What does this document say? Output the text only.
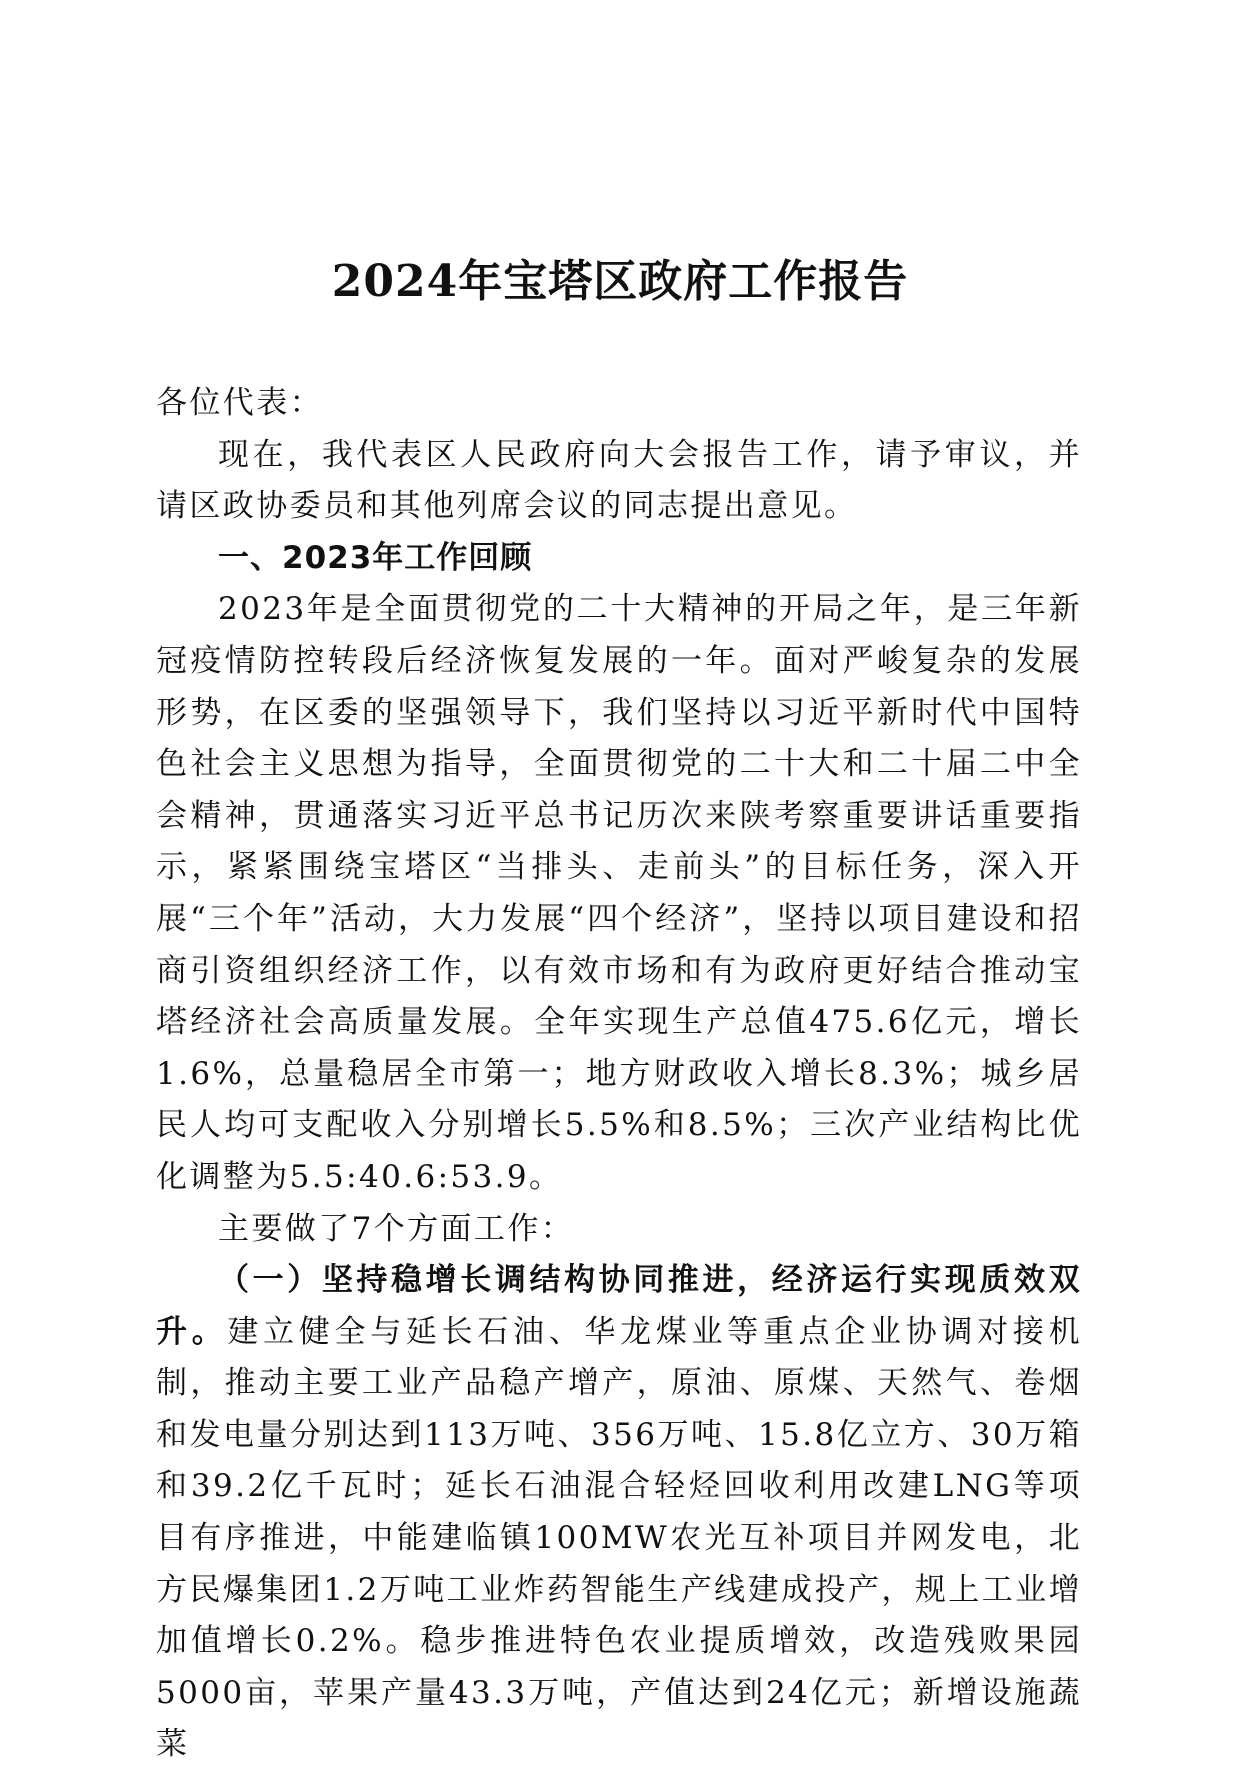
2024年宝塔区政府工作报告

各位代表：

现在，我代表区人民政府向大会报告工作，请予审议，并请区政协委员和其他列席会议的同志提出意见。

一、2023年工作回顾

2023年是全面贯彻党的二十大精神的开局之年，是三年新冠疫情防控转段后经济恢复发展的一年。面对严峻复杂的发展形势，在区委的坚强领导下，我们坚持以习近平新时代中国特色社会主义思想为指导，全面贯彻党的二十大和二十届二中全会精神，贯通落实习近平总书记历次来陕考察重要讲话重要指示，紧紧围绕宝塔区“当排头、走前头”的目标任务，深入开展“三个年”活动，大力发展“四个经济”，坚持以项目建设和招商引资组织经济工作，以有效市场和有为政府更好结合推动宝塔经济社会高质量发展。全年实现生产总值475.6亿元，增长1.6%，总量稳居全市第一；地方财政收入增长8.3%；城乡居民人均可支配收入分别增长5.5%和8.5%；三次产业结构比优化调整为5.5:40.6:53.9。

主要做了7个方面工作：

（一）坚持稳增长调结构协同推进，经济运行实现质效双升。建立健全与延长石油、华龙煤业等重点企业协调对接机制，推动主要工业产品稳产增产，原油、原煤、天然气、卷烟和发电量分别达到113万吨、356万吨、15.8亿立方、30万箱和39.2亿千瓦时；延长石油混合轻烃回收利用改建LNG等项目有序推进，中能建临镇100MW农光互补项目并网发电，北方民爆集团1.2万吨工业炸药智能生产线建成投产，规上工业增加值增长0.2%。稳步推进特色农业提质增效，改造残败果园5000亩，苹果产量43.3万吨，产值达到24亿元；新增设施蔬菜
